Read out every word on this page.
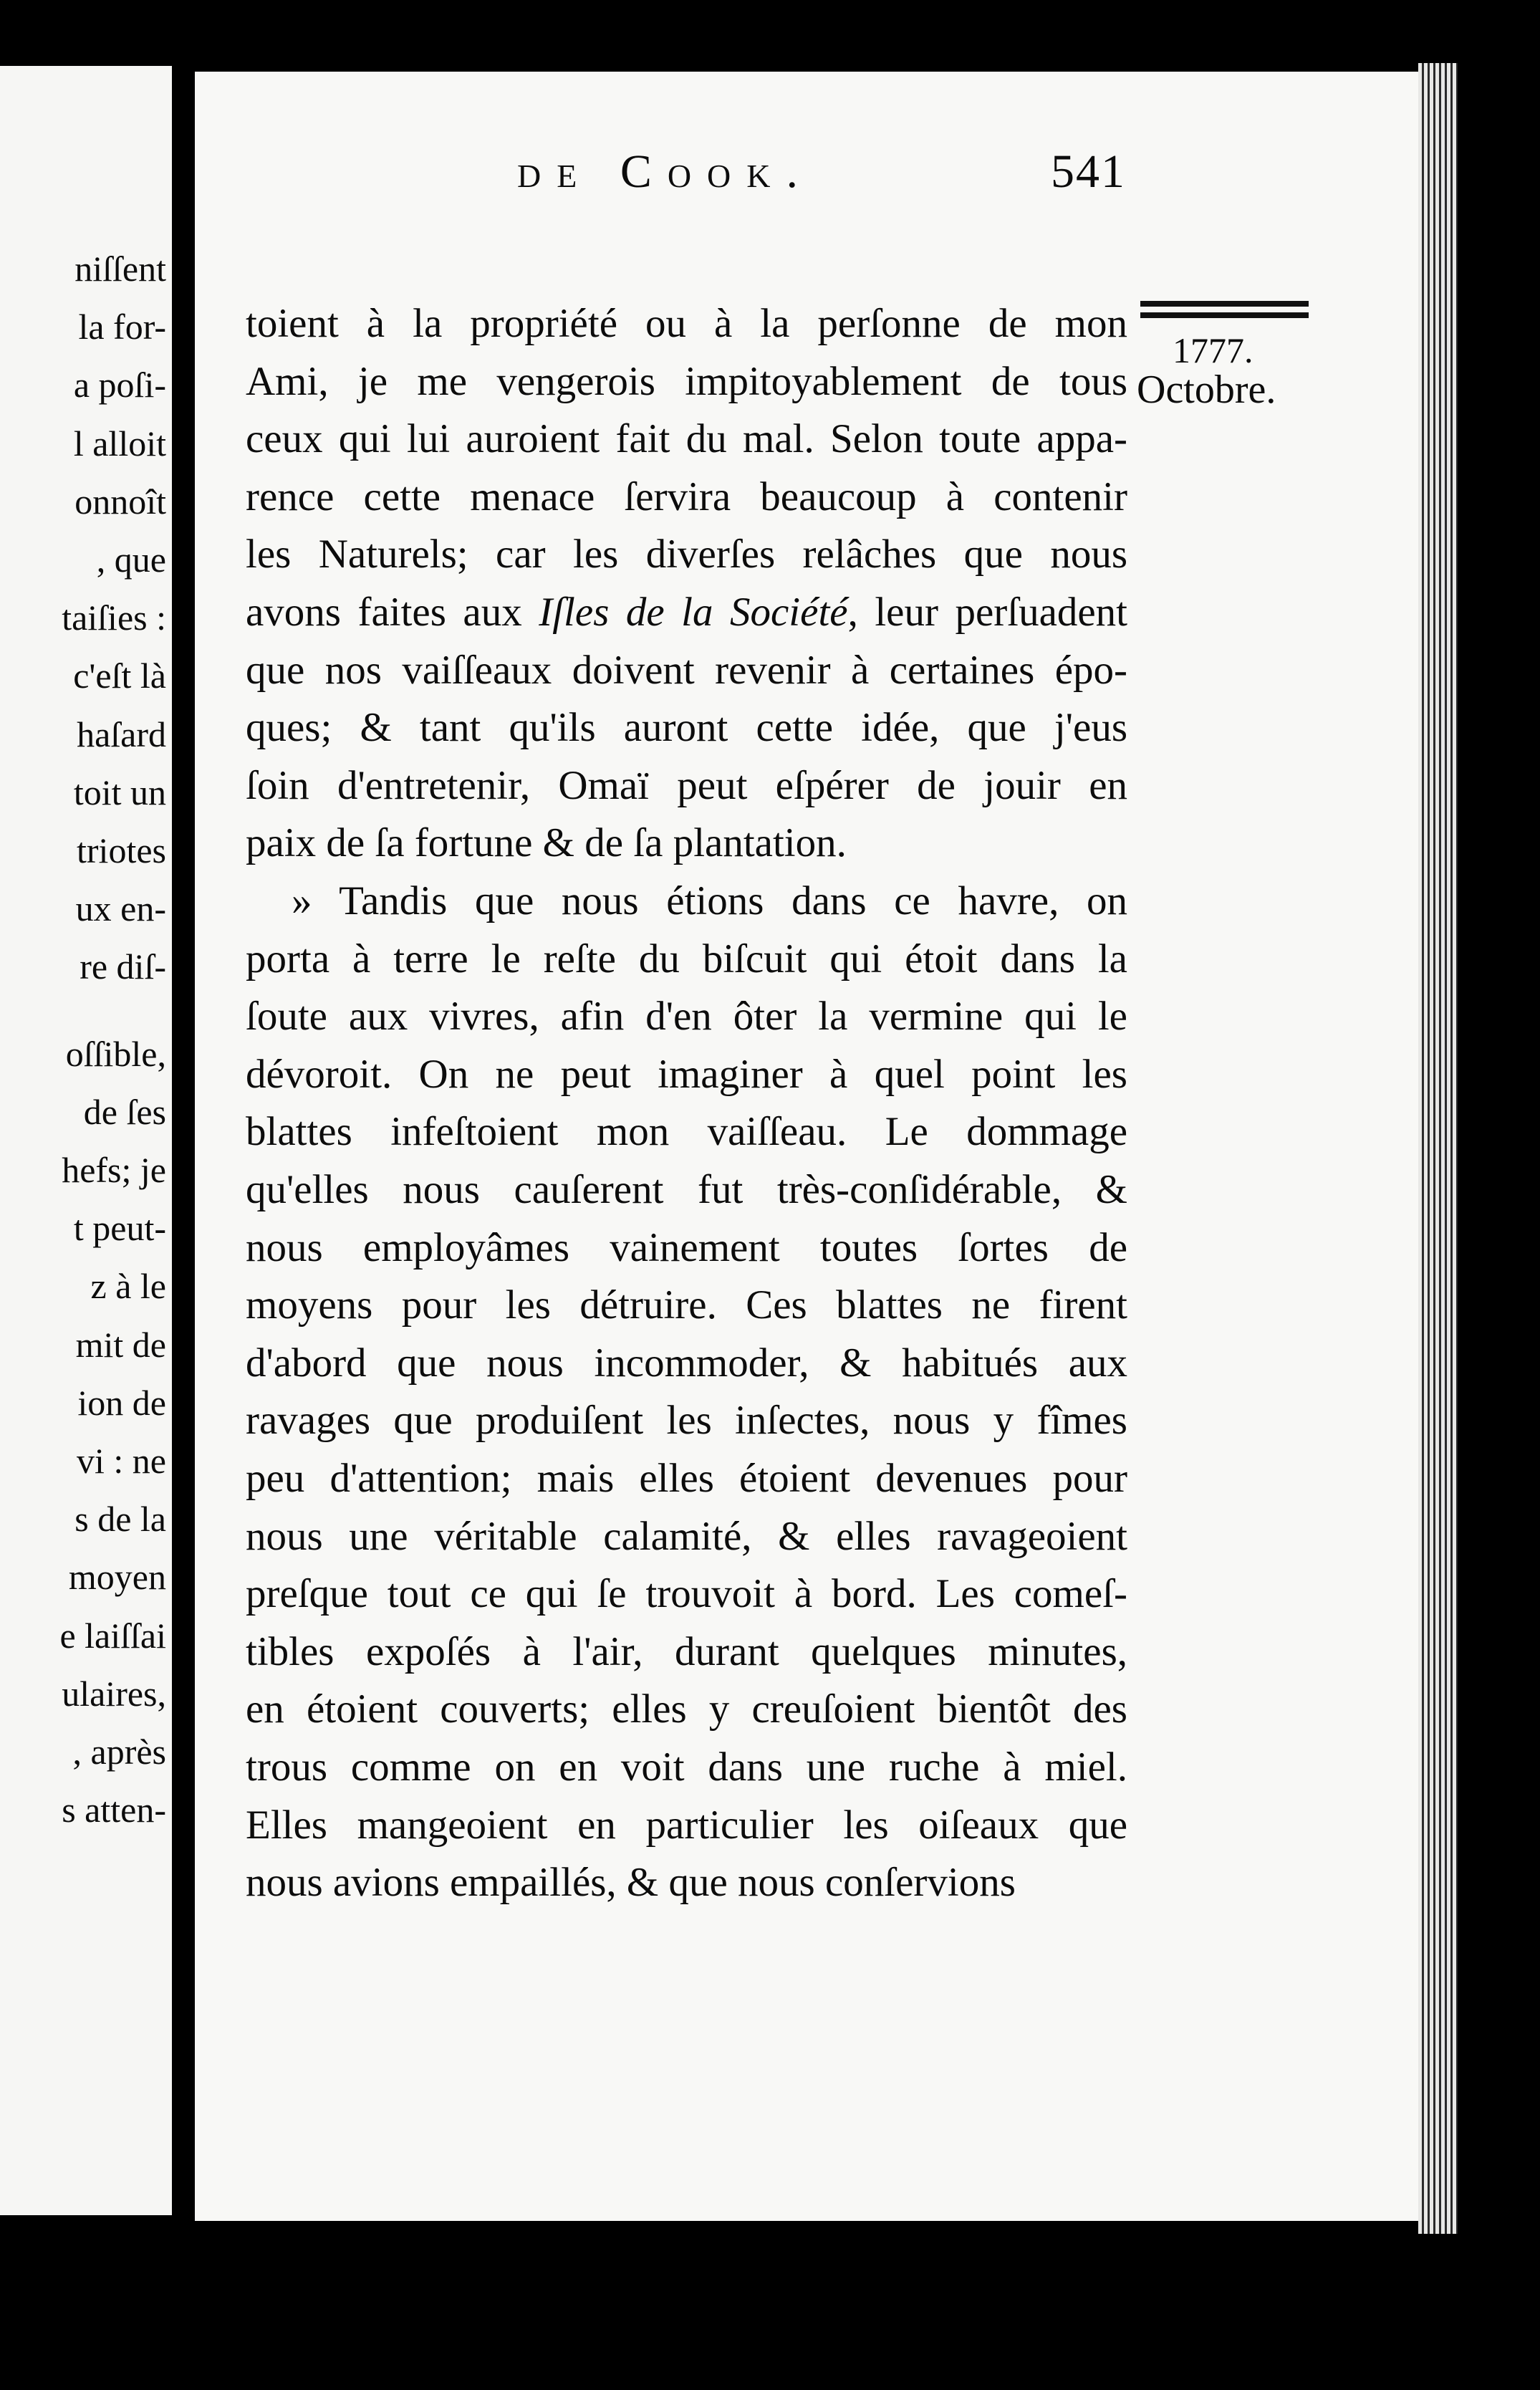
niſſent
la for-
a poſi-
l alloit
onnoît
, que
taiſies :
c'eſt là
haſard
toit un
triotes
ux en-
re diſ-
oſſible,
de ſes
hefs; je
t peut-
z à le
mit de
ion de
vi : ne
s de la
moyen
e laiſſai
ulaires,
, après
s atten-
de Cook.	541
toient à la propriété ou à la perſonne de mon
Ami, je me vengerois impitoyablement de tous
ceux qui lui auroient fait du mal. Selon toute appa-
rence cette menace ſervira beaucoup à contenir
les Naturels; car les diverſes relâches que nous
avons faites aux Iſles de la Société, leur perſuadent
que nos vaiſſeaux doivent revenir à certaines épo-
ques; & tant qu'ils auront cette idée, que j'eus
ſoin d'entretenir, Omaï peut eſpérer de jouir en
paix de ſa fortune & de ſa plantation.
» Tandis que nous étions dans ce havre, on
porta à terre le reſte du biſcuit qui étoit dans la
ſoute aux vivres, afin d'en ôter la vermine qui le
dévoroit. On ne peut imaginer à quel point les
blattes infeſtoient mon vaiſſeau. Le dommage
qu'elles nous cauſerent fut très-conſidérable, &
nous employâmes vainement toutes ſortes de
moyens pour les détruire. Ces blattes ne firent
d'abord que nous incommoder, & habitués aux
ravages que produiſent les inſectes, nous y fîmes
peu d'attention; mais elles étoient devenues pour
nous une véritable calamité, & elles ravageoient
preſque tout ce qui ſe trouvoit à bord. Les comeſ-
tibles expoſés à l'air, durant quelques minutes,
en étoient couverts; elles y creuſoient bientôt des
trous comme on en voit dans une ruche à miel.
Elles mangeoient en particulier les oiſeaux que
nous avions empaillés, & que nous conſervions
1777.
Octobre.
